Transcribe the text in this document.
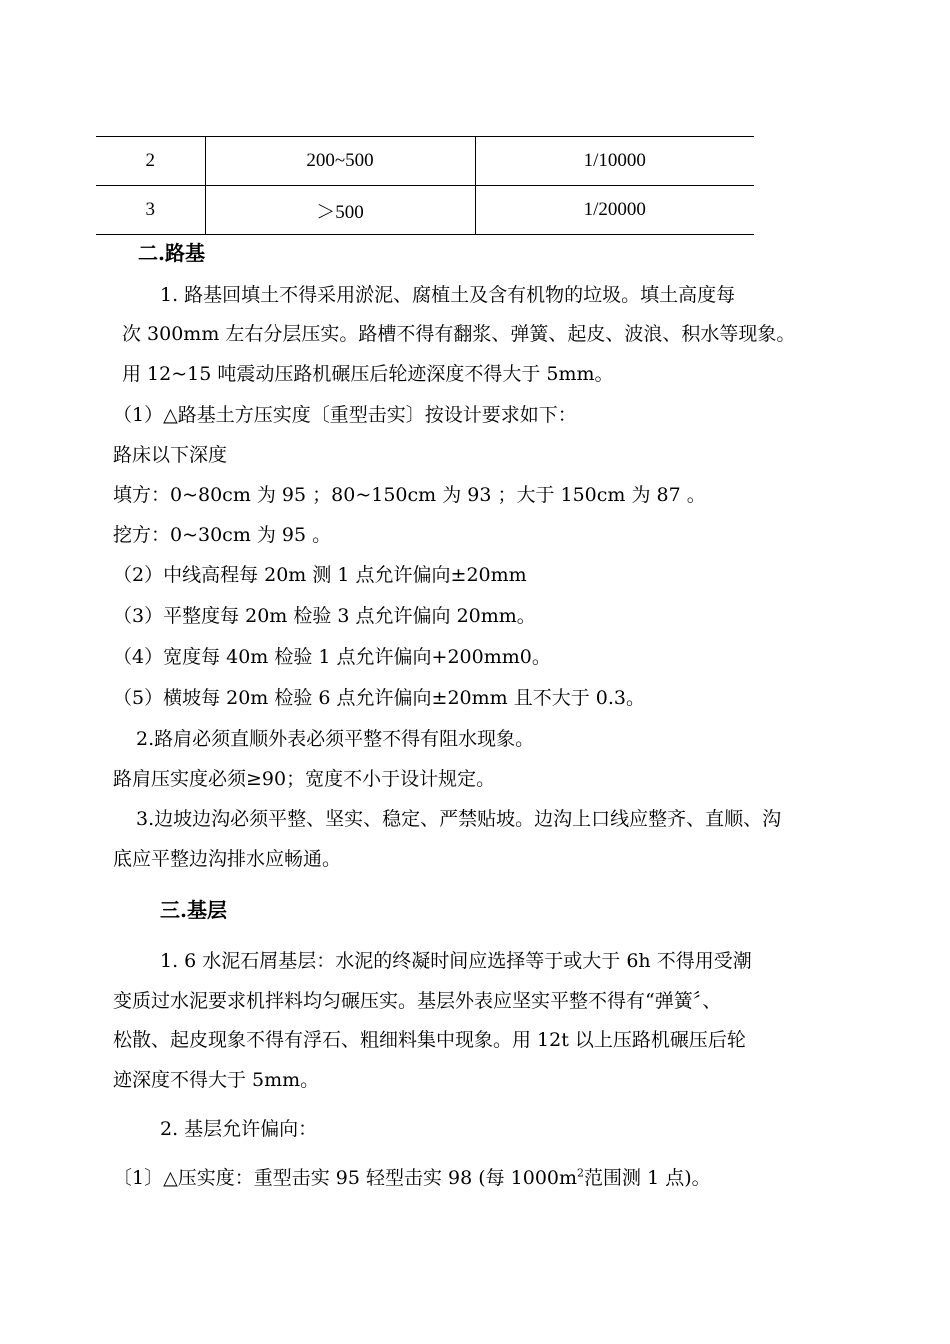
2	200~500	1/10000
3	＞500	1/20000
二.路基
1. 路基回填土不得采用淤泥、腐植土及含有机物的垃圾。填土高度每
次 300mm 左右分层压实。路槽不得有翻浆、弹簧、起皮、波浪、积水等现象。
用 12~15 吨震动压路机碾压后轮迹深度不得大于 5mm。
（1）△路基土方压实度〔重型击实〕按设计要求如下：
路床以下深度
填方：0~80cm 为 95 ；80~150cm 为 93 ；大于 150cm 为 87 。
挖方：0~30cm 为 95 。
（2）中线高程每 20m 测 1 点允许偏向±20mm
（3）平整度每 20m 检验 3 点允许偏向 20mm。
（4）宽度每 40m 检验 1 点允许偏向+200mm0。
（5）横坡每 20m 检验 6 点允许偏向±20mm 且不大于 0.3。
2.路肩必须直顺外表必须平整不得有阻水现象。
路肩压实度必须≥90；宽度不小于设计规定。
3.边坡边沟必须平整、坚实、稳定、严禁贴坡。边沟上口线应整齐、直顺、沟
底应平整边沟排水应畅通。
三.基层
1. 6 水泥石屑基层：水泥的终凝时间应选择等于或大于 6h 不得用受潮
变质过水泥要求机拌料均匀碾压实。基层外表应坚实平整不得有“弹簧〞、
松散、起皮现象不得有浮石、粗细料集中现象。用 12t 以上压路机碾压后轮
迹深度不得大于 5mm。
2. 基层允许偏向：
〔1〕△压实度：重型击实 95 轻型击实 98 (每 $1000m^2$范围测 1 点)。
